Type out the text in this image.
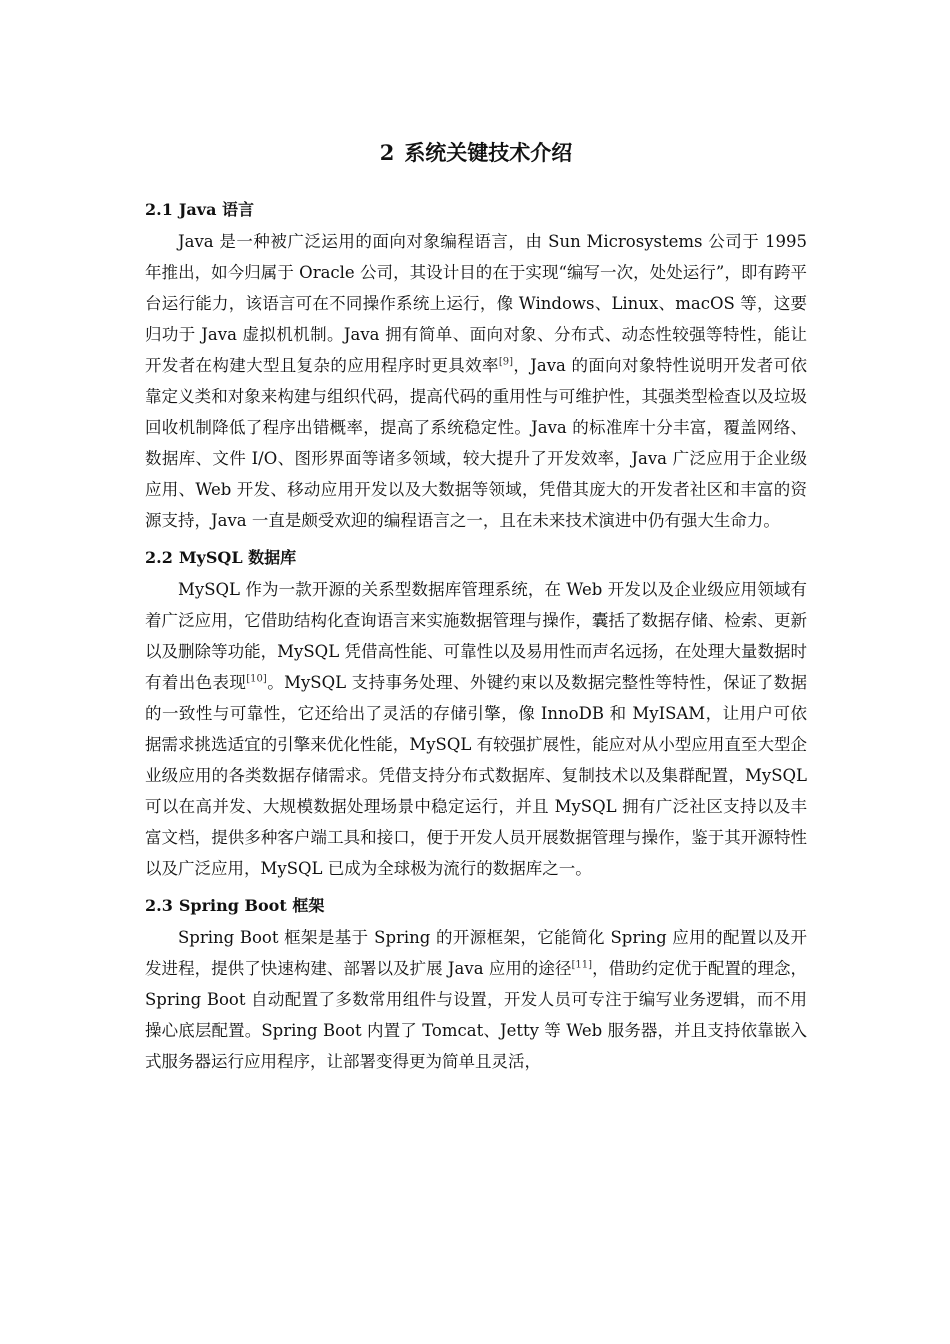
2 系统关键技术介绍
2.1 Java 语言

Java 是一种被广泛运用的面向对象编程语言，由 Sun Microsystems 公司于 1995 年推出，如今归属于 Oracle 公司，其设计目的在于实现“编写一次，处处运行”，即有跨平台运行能力，该语言可在不同操作系统上运行，像 Windows、Linux、macOS 等，这要归功于 Java 虚拟机机制。Java 拥有简单、面向对象、分布式、动态性较强等特性，能让开发者在构建大型且复杂的应用程序时更具效率[9]，Java 的面向对象特性说明开发者可依靠定义类和对象来构建与组织代码，提高代码的重用性与可维护性，其强类型检查以及垃圾回收机制降低了程序出错概率，提高了系统稳定性。Java 的标准库十分丰富，覆盖网络、数据库、文件 I/O、图形界面等诸多领域，较大提升了开发效率，Java 广泛应用于企业级应用、Web 开发、移动应用开发以及大数据等领域，凭借其庞大的开发者社区和丰富的资源支持，Java 一直是颇受欢迎的编程语言之一，且在未来技术演进中仍有强大生命力。

2.2 MySQL 数据库

MySQL 作为一款开源的关系型数据库管理系统，在 Web 开发以及企业级应用领域有着广泛应用，它借助结构化查询语言来实施数据管理与操作，囊括了数据存储、检索、更新以及删除等功能，MySQL 凭借高性能、可靠性以及易用性而声名远扬，在处理大量数据时有着出色表现[10]。MySQL 支持事务处理、外键约束以及数据完整性等特性，保证了数据的一致性与可靠性，它还给出了灵活的存储引擎，像 InnoDB 和 MyISAM，让用户可依据需求挑选适宜的引擎来优化性能，MySQL 有较强扩展性，能应对从小型应用直至大型企业级应用的各类数据存储需求。凭借支持分布式数据库、复制技术以及集群配置，MySQL 可以在高并发、大规模数据处理场景中稳定运行，并且 MySQL 拥有广泛社区支持以及丰富文档，提供多种客户端工具和接口，便于开发人员开展数据管理与操作，鉴于其开源特性以及广泛应用，MySQL 已成为全球极为流行的数据库之一。

2.3 Spring Boot 框架

Spring Boot 框架是基于 Spring 的开源框架，它能简化 Spring 应用的配置以及开发进程，提供了快速构建、部署以及扩展 Java 应用的途径[11]，借助约定优于配置的理念，Spring Boot 自动配置了多数常用组件与设置，开发人员可专注于编写业务逻辑，而不用操心底层配置。Spring Boot 内置了 Tomcat、Jetty 等 Web 服务器，并且支持依靠嵌入式服务器运行应用程序，让部署变得更为简单且灵活，
